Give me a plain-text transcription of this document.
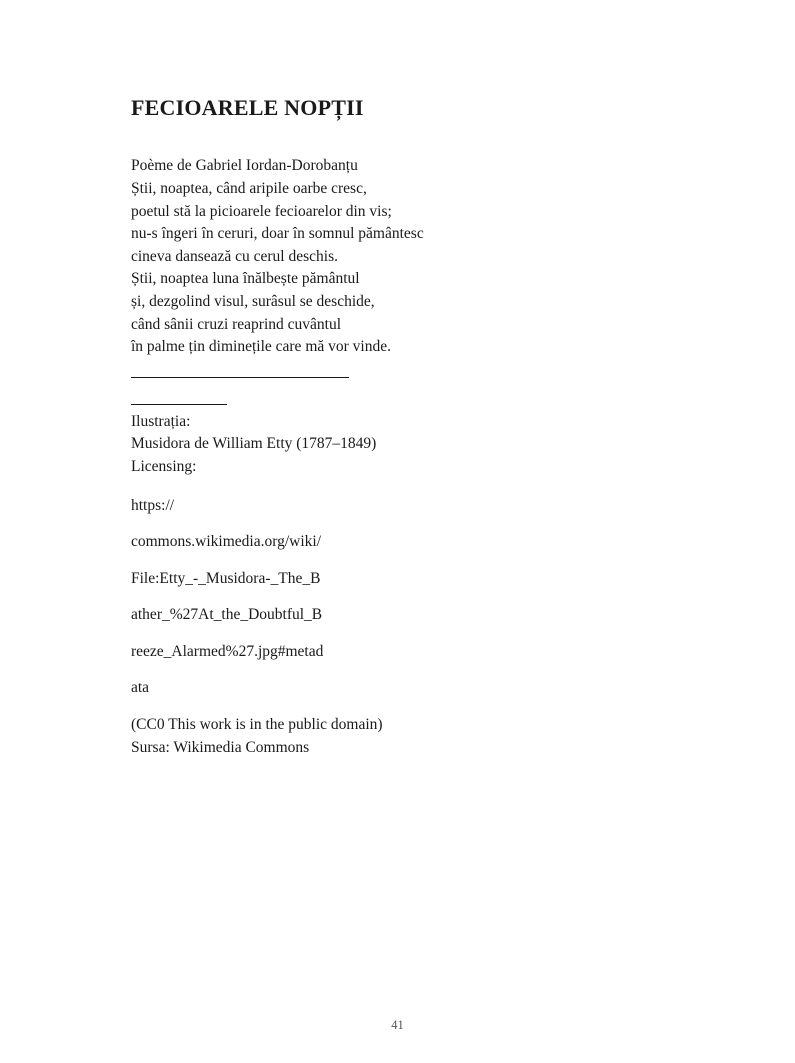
FECIOARELE NOPȚII
Poème de Gabriel Iordan-Dorobanțu
Știi, noaptea, când aripile oarbe cresc,
poetul stă la picioarele fecioarelor din vis;
nu-s îngeri în ceruri, doar în somnul pământesc
cineva dansează cu cerul deschis.
Știi, noaptea luna înălbește pământul
și, dezgolind visul, surâsul se deschide,
când sânii cruzi reaprind cuvântul
în palme țin diminețile care mă vor vinde.
Ilustrația:
Musidora de William Etty (1787–1849)
Licensing:
https://
commons.wikimedia.org/wiki/
File:Etty_-_Musidora-_The_B
ather_%27At_the_Doubtful_B
reeze_Alarmed%27.jpg#metad
ata
(CC0 This work is in the public domain)
Sursa: Wikimedia Commons
41
